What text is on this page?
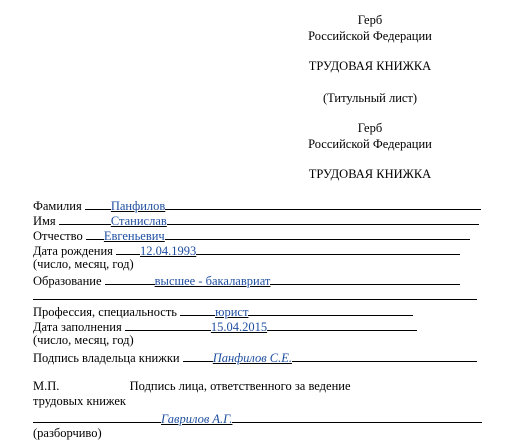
Герб
Российской Федерации
ТРУДОВАЯ КНИЖКА
(Титульный лист)
Герб
Российской Федерации
ТРУДОВАЯ КНИЖКА
Фамилия Панфилов
Имя	Станислав
Отчество Евгеньевич
Дата рождения 12.04.1993
(число, месяц, год)
Образование	высшее - бакалавриат
Профессия, специальность	юрист
Дата заполнения	15.04.2015
(число, месяц, год)
Подпись владельца книжки	Панфилов С.Е.
М.П.	Подпись лица, ответственного за ведение
трудовых книжек
Гаврилов А.Г.
(разборчиво)
